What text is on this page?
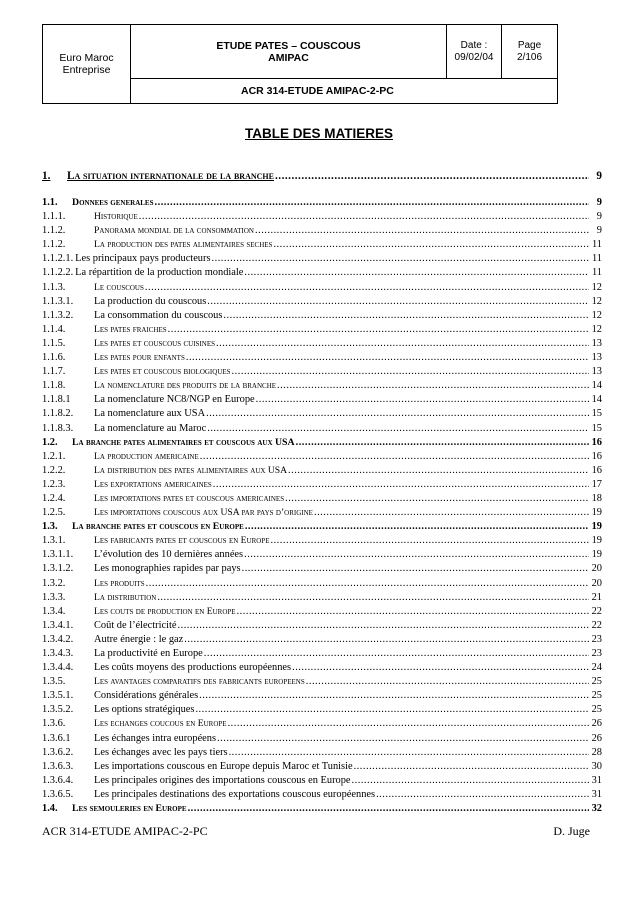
Euro Maroc
Entreprise
ETUDE PATES – COUSCOUS
AMIPAC
Date :
09/02/04
Page
2/106
ACR 314-ETUDE AMIPAC-2-PC
TABLE DES MATIERES
1.	La situation internationale de la branche .....	9
1.1.	Donnees generales .....	9
1.1.1.	Historique .....	9
1.1.2.	Panorama mondial de la consommation .....	9
1.1.2.	La production des pates alimentaires seches .....	11
1.1.2.1. Les principaux pays producteurs .....	11
1.1.2.2. La répartition de la production mondiale .....	11
1.1.3.	Le couscous .....	12
1.1.3.1.	La production du couscous .....	12
1.1.3.2.	La consommation du couscous .....	12
1.1.4.	Les pates fraiches .....	12
1.1.5.	Les pates et couscous cuisines .....	13
1.1.6.	Les pates pour enfants .....	13
1.1.7.	Les pates et couscous biologiques .....	13
1.1.8.	La nomenclature des produits de la branche .....	14
1.1.8.1	La nomenclature NC8/NGP en Europe .....	14
1.1.8.2.	La nomenclature aux USA .....	15
1.1.8.3.	La nomenclature au Maroc .....	15
1.2.	La branche pates alimentaires et couscous aux USA .....	16
1.2.1.	La production americaine .....	16
1.2.2.	La distribution des pates alimentaires aux USA .....	16
1.2.3.	Les exportations americaines .....	17
1.2.4.	Les importations pates et couscous americaines .....	18
1.2.5.	Les importations couscous aux USA par pays d’origine .....	19
1.3.	La branche pates et couscous en Europe .....	19
1.3.1.	Les fabricants pates et couscous en Europe .....	19
1.3.1.1.	L’évolution des 10 dernières années .....	19
1.3.1.2.	Les monographies rapides par pays .....	20
1.3.2.	Les produits .....	20
1.3.3.	La distribution .....	21
1.3.4.	Les couts de production en Europe .....	22
1.3.4.1.	Coût de l’électricité .....	22
1.3.4.2.	Autre énergie : le gaz .....	23
1.3.4.3.	La productivité en Europe .....	23
1.3.4.4.	Les coûts moyens des productions européennes .....	24
1.3.5.	Les avantages comparatifs des fabricants europeens .....	25
1.3.5.1.	Considérations générales .....	25
1.3.5.2.	Les options stratégiques .....	25
1.3.6.	Les echanges coucous en Europe .....	26
1.3.6.1	Les échanges intra européens .....	26
1.3.6.2.	Les échanges avec les pays tiers .....	28
1.3.6.3.	Les importations couscous en Europe depuis Maroc et Tunisie .....	30
1.3.6.4.	Les principales origines des importations couscous en Europe .....	31
1.3.6.5.	Les principales destinations des exportations couscous européennes .....	31
1.4.	Les semouleries en Europe .....	32
ACR 314-ETUDE AMIPAC-2-PC	D. Juge
